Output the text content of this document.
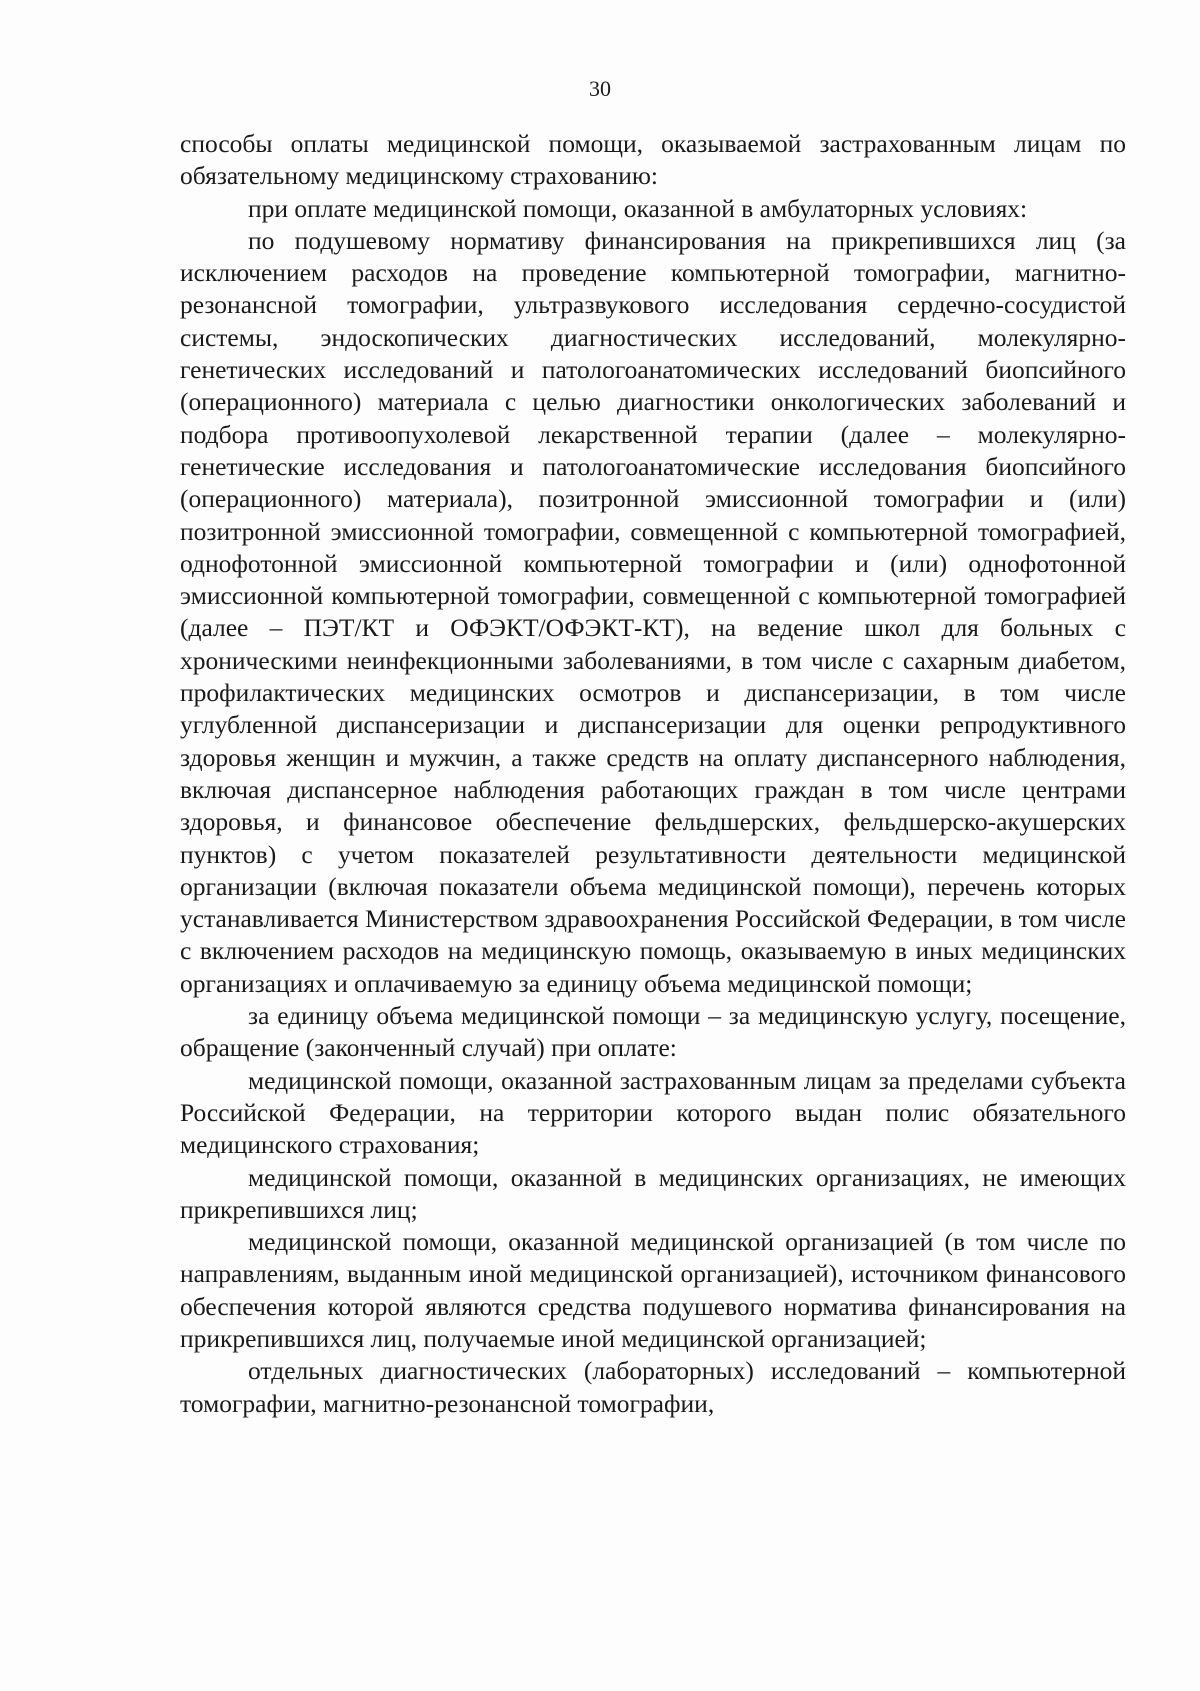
30

способы оплаты медицинской помощи, оказываемой застрахованным лицам по обязательному медицинскому страхованию:

при оплате медицинской помощи, оказанной в амбулаторных условиях:

по подушевому нормативу финансирования на прикрепившихся лиц (за исключением расходов на проведение компьютерной томографии, магнитно-резонансной томографии, ультразвукового исследования сердечно-сосудистой системы, эндоскопических диагностических исследований, молекулярно-генетических исследований и патологоанатомических исследований биопсийного (операционного) материала с целью диагностики онкологических заболеваний и подбора противоопухолевой лекарственной терапии (далее – молекулярно-генетические исследования и патологоанатомические исследования биопсийного (операционного) материала), позитронной эмиссионной томографии и (или) позитронной эмиссионной томографии, совмещенной с компьютерной томографией, однофотонной эмиссионной компьютерной томографии и (или) однофотонной эмиссионной компьютерной томографии, совмещенной с компьютерной томографией (далее – ПЭТ/КТ и ОФЭКТ/ОФЭКТ-КТ), на ведение школ для больных с хроническими неинфекционными заболеваниями, в том числе с сахарным диабетом, профилактических медицинских осмотров и диспансеризации, в том числе углубленной диспансеризации и диспансеризации для оценки репродуктивного здоровья женщин и мужчин, а также средств на оплату диспансерного наблюдения, включая диспансерное наблюдения работающих граждан в том числе центрами здоровья, и финансовое обеспечение фельдшерских, фельдшерско-акушерских пунктов) с учетом показателей результативности деятельности медицинской организации (включая показатели объема медицинской помощи), перечень которых устанавливается Министерством здравоохранения Российской Федерации, в том числе с включением расходов на медицинскую помощь, оказываемую в иных медицинских организациях и оплачиваемую за единицу объема медицинской помощи;

за единицу объема медицинской помощи – за медицинскую услугу, посещение, обращение (законченный случай) при оплате:

медицинской помощи, оказанной застрахованным лицам за пределами субъекта Российской Федерации, на территории которого выдан полис обязательного медицинского страхования;

медицинской помощи, оказанной в медицинских организациях, не имеющих прикрепившихся лиц;

медицинской помощи, оказанной медицинской организацией (в том числе по направлениям, выданным иной медицинской организацией), источником финансового обеспечения которой являются средства подушевого норматива финансирования на прикрепившихся лиц, получаемые иной медицинской организацией;

отдельных диагностических (лабораторных) исследований – компьютерной томографии, магнитно-резонансной томографии,
